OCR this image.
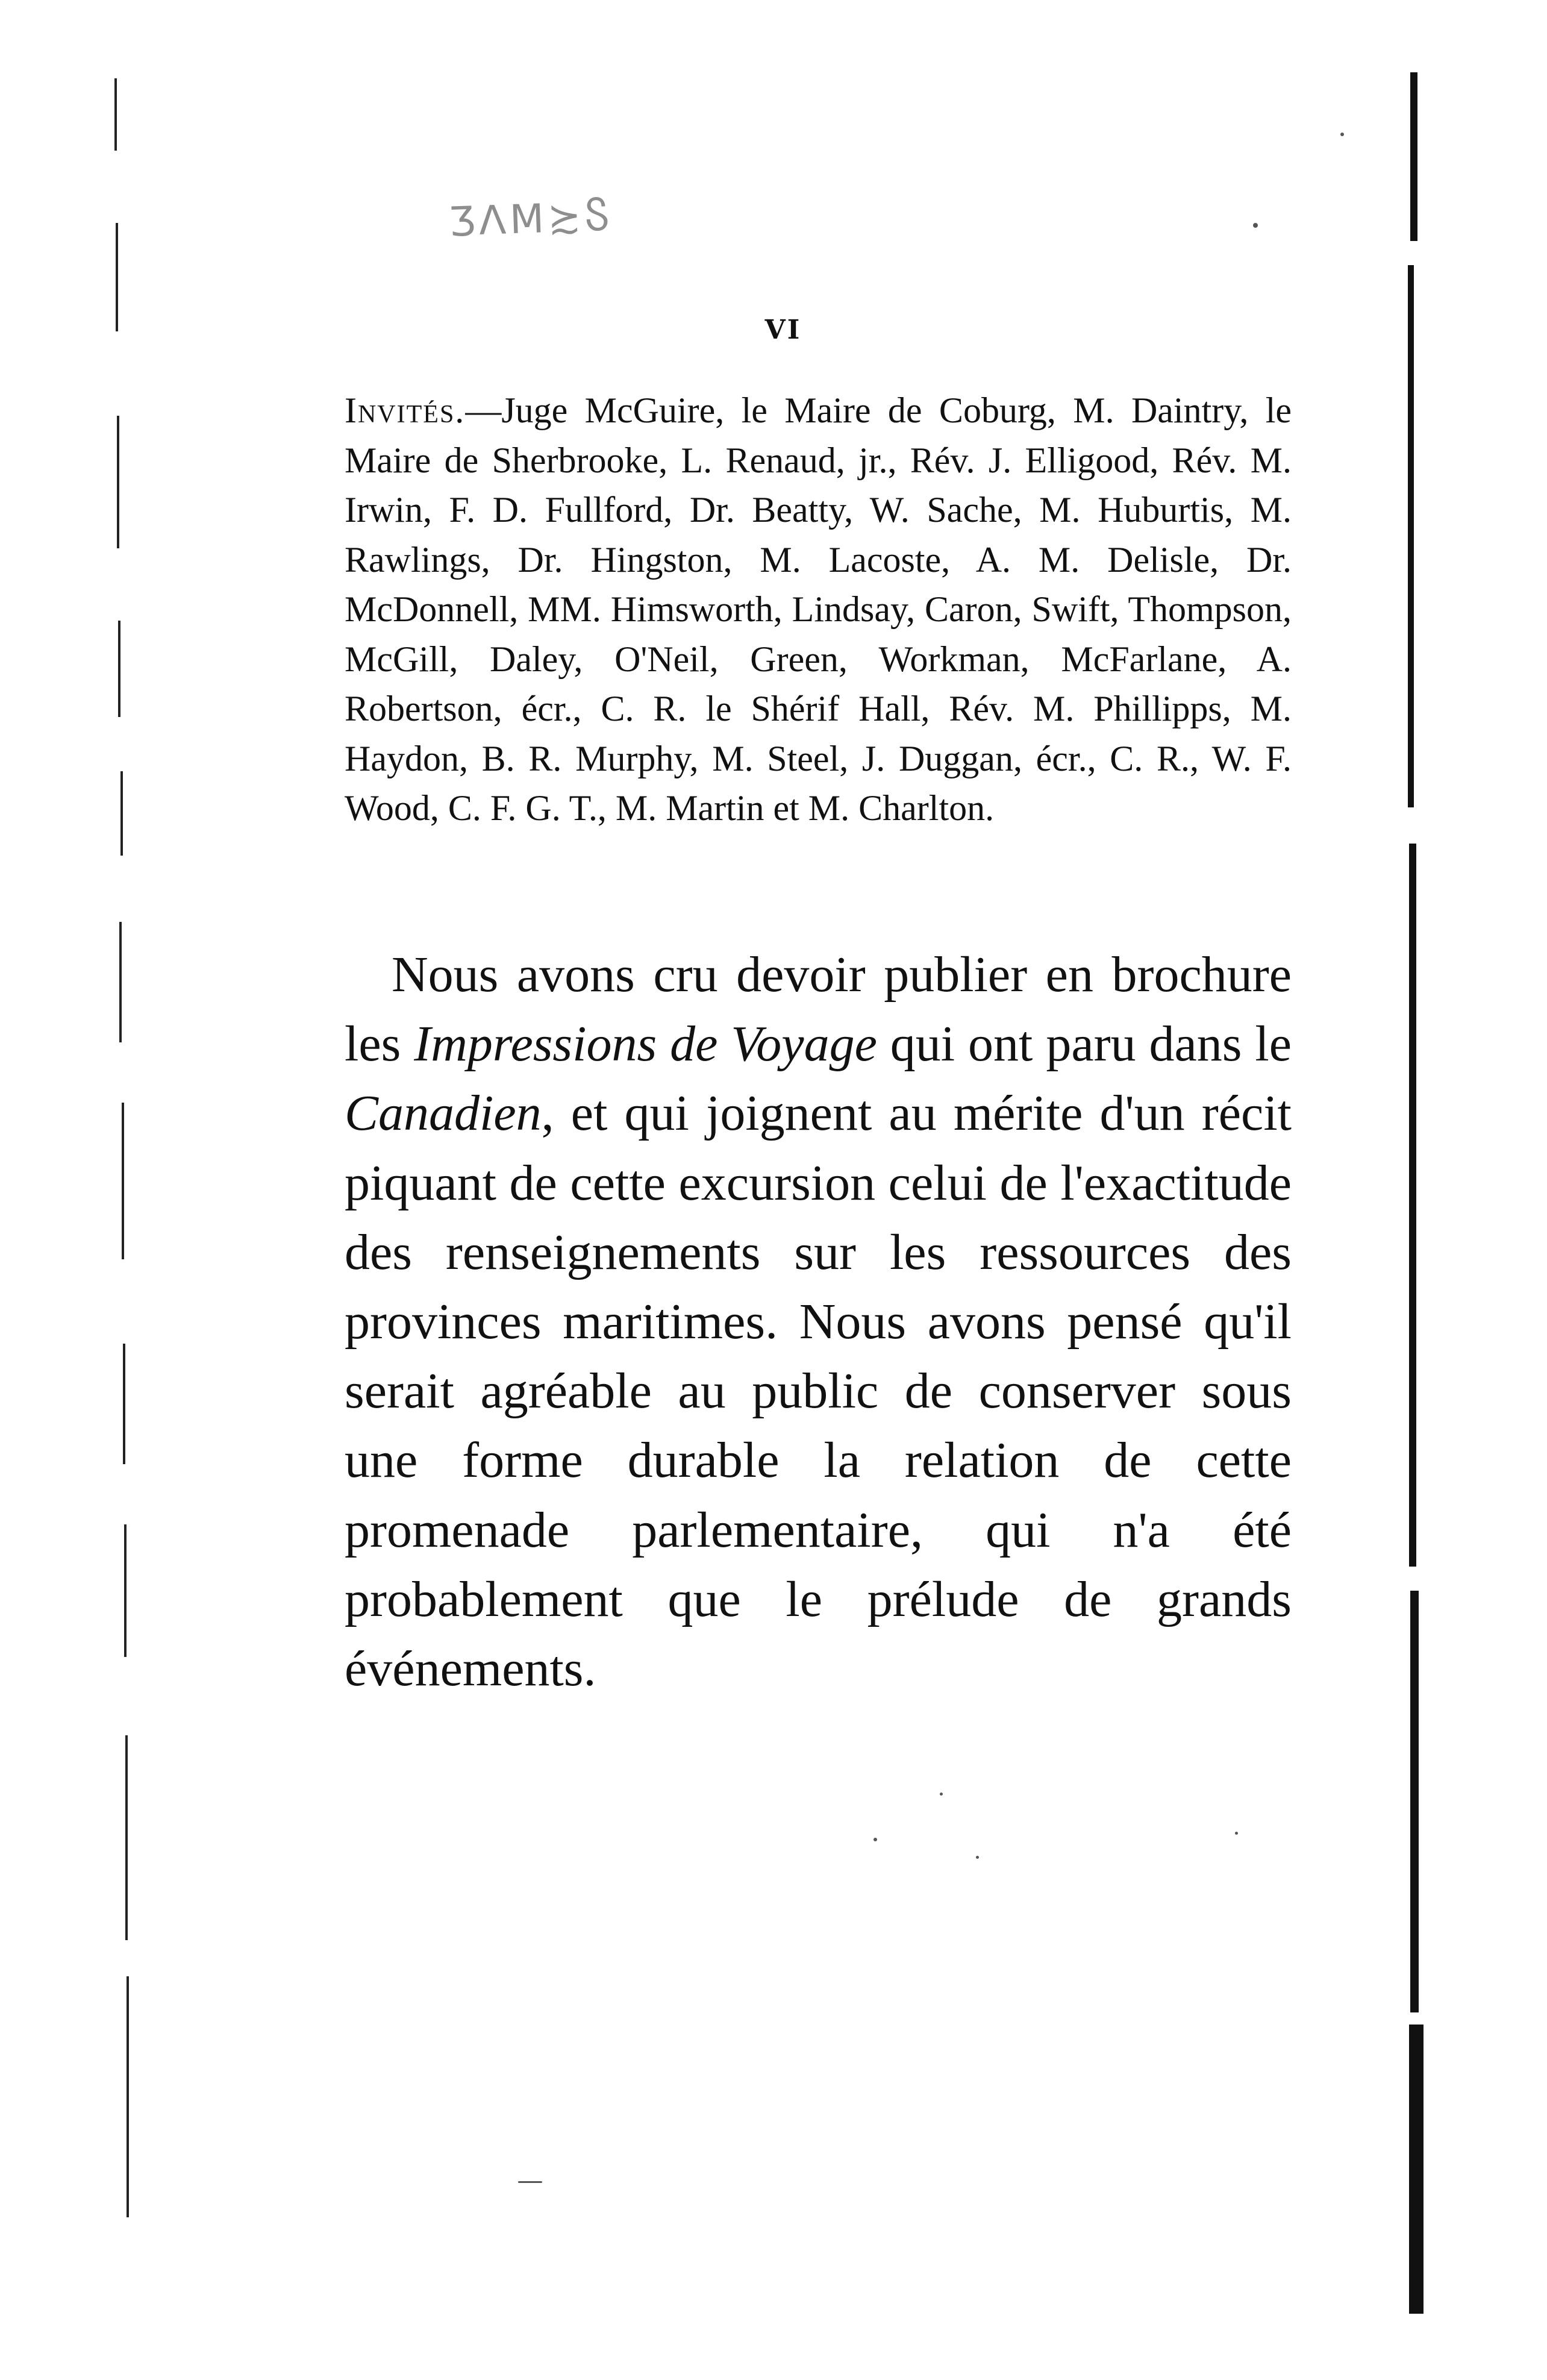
ƷΛΜ≿Ⴝ
VI

Invités.—Juge McGuire, le Maire de Coburg, M. Daintry, le Maire de Sherbrooke, L. Renaud, jr., Rév. J. Elligood, Rév. M. Irwin, F. D. Fullford, Dr. Beatty, W. Sache, M. Huburtis, M. Rawlings, Dr. Hingston, M. Lacoste, A. M. Delisle, Dr. McDonnell, MM. Himsworth, Lindsay, Caron, Swift, Thompson, McGill, Daley, O'Neil, Green, Workman, McFarlane, A. Robertson, écr., C. R. le Shérif Hall, Rév. M. Phillipps, M. Haydon, B. R. Murphy, M. Steel, J. Duggan, écr., C. R., W. F. Wood, C. F. G. T., M. Martin et M. Charlton.

Nous avons cru devoir publier en brochure les Impressions de Voyage qui ont paru dans le Canadien, et qui joignent au mérite d'un récit piquant de cette excursion celui de l'exactitude des renseignements sur les ressources des provinces maritimes. Nous avons pensé qu'il serait agréable au public de conserver sous une forme durable la relation de cette promenade parlementaire, qui n'a été probablement que le prélude de grands événements.
